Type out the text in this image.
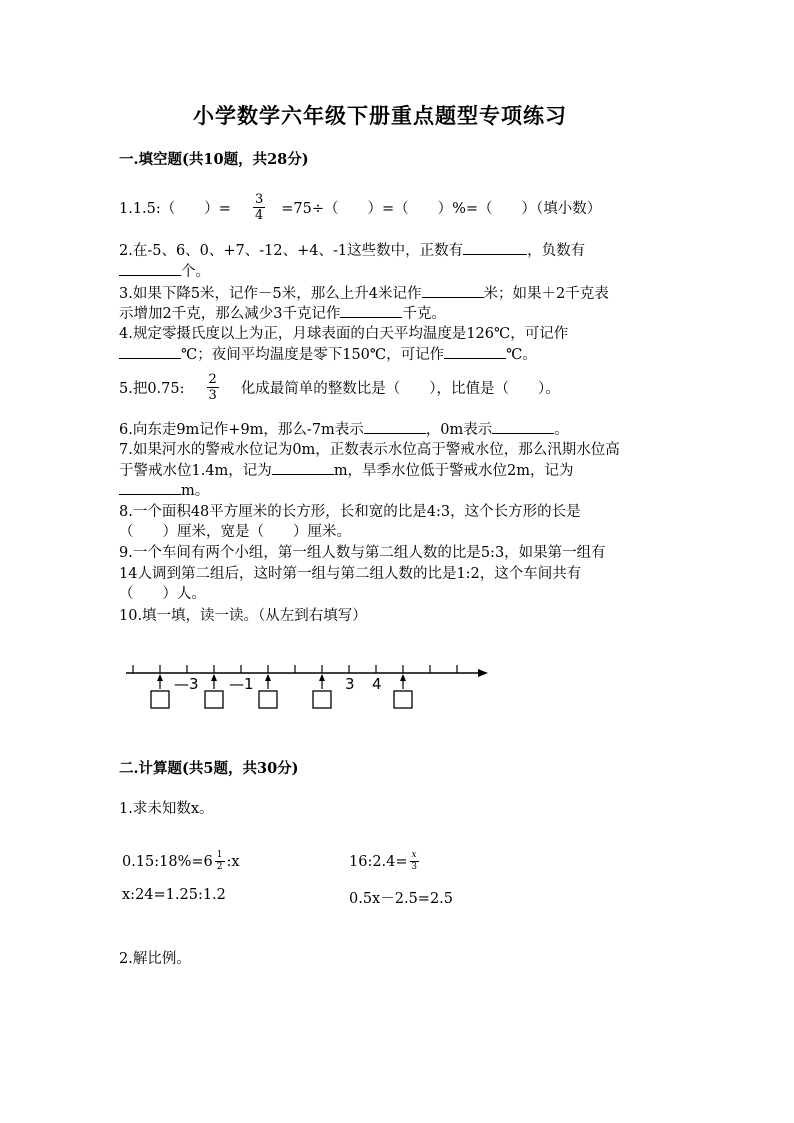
小学数学六年级下册重点题型专项练习
一.填空题(共10题，共28分)
1.1.5:（　　）= $\frac{3}{4} =75\div$（　　）=（　　）%=（　　）（填小数）
2.在-5、6、0、+7、-12、+4、-1这些数中，正数有	，负数有
个。
3.如果下降5米，记作－5米，那么上升4米记作	米；如果＋2千克表
示增加2千克，那么减少3千克记作	千克。
4.规定零摄氏度以上为正，月球表面的白天平均温度是126℃，可记作
℃；夜间平均温度是零下150℃，可记作	℃。
5.把0.75: $\frac{2}{3}$ 化成最简单的整数比是（　　），比值是（　　）。
6.向东走9m记作+9m，那么-7m表示	，0m表示	。
7.如果河水的警戒水位记为0m，正数表示水位高于警戒水位，那么汛期水位高
于警戒水位1.4m，记为	m，旱季水位低于警戒水位2m，记为
m。
8.一个面积48平方厘米的长方形，长和宽的比是4:3，这个长方形的长是
（　　）厘米，宽是（　　）厘米。
9.一个车间有两个小组，第一组人数与第二组人数的比是5:3，如果第一组有
14人调到第二组后，这时第一组与第二组人数的比是1:2，这个车间共有
（　　）人。
10.填一填，读一读。（从左到右填写）
—3 —1	3 4
二.计算题(共5题，共30分)
1.求未知数x。
0.15:18%=6 $\frac{1}{2}$ :x	16:2.4= $\frac{x}{3}$
x:24=1.25:1.2	0.5x－2.5=2.5
2.解比例。
